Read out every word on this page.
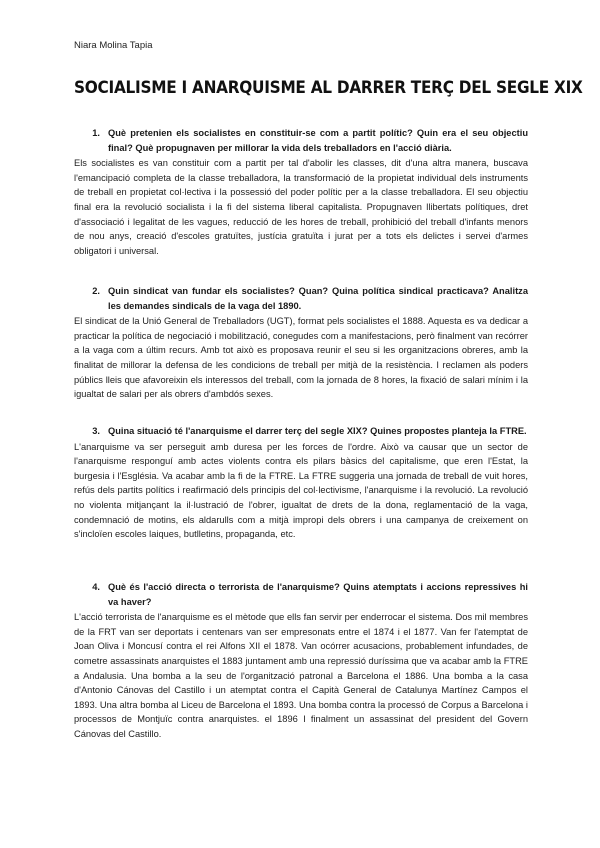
Niara Molina Tapia
SOCIALISME I ANARQUISME AL DARRER TERÇ DEL SEGLE XIX
1. Què pretenien els socialistes en constituir-se com a partit polític? Quin era el seu objectiu final? Què propugnaven per millorar la vida dels treballadors en l'acció diària.

Els socialistes es van constituir com a partit per tal d'abolir les classes, dit d'una altra manera, buscava l'emancipació completa de la classe treballadora, la transformació de la propietat individual dels instruments de treball en propietat col·lectiva i la possessió del poder polític per a la classe treballadora. El seu objectiu final era la revolució socialista i la fi del sistema liberal capitalista. Propugnaven llibertats polítiques, dret d'associació i legalitat de les vagues, reducció de les hores de treball, prohibició del treball d'infants menors de nou anys, creació d'escoles gratuïtes, justícia gratuïta i jurat per a tots els delictes i servei d'armes obligatori i universal.

2. Quin sindicat van fundar els socialistes? Quan? Quina política sindical practicava? Analitza les demandes sindicals de la vaga del 1890.

El sindicat de la Unió General de Treballadors (UGT), format pels socialistes el 1888. Aquesta es va dedicar a practicar la política de negociació i mobilització, conegudes com a manifestacions, però finalment van recórrer a la vaga com a últim recurs. Amb tot això es proposava reunir el seu si les organitzacions obreres, amb la finalitat de millorar la defensa de les condicions de treball per mitjà de la resistència. I reclamen als poders públics lleis que afavoreixin els interessos del treball, com la jornada de 8 hores, la fixació de salari mínim i la igualtat de salari per als obrers d'ambdós sexes.

3. Quina situació té l'anarquisme el darrer terç del segle XIX? Quines propostes planteja la FTRE.

L'anarquisme va ser perseguit amb duresa per les forces de l'ordre. Això va causar que un sector de l'anarquisme responguí amb actes violents contra els pilars bàsics del capitalisme, que eren l'Estat, la burgesia i l'Església. Va acabar amb la fi de la FTRE. La FTRE suggeria una jornada de treball de vuit hores, refús dels partits polítics i reafirmació dels principis del col·lectivisme, l'anarquisme i la revolució. La revolució no violenta mitjançant la il·lustració de l'obrer, igualtat de drets de la dona, reglamentació de la vaga, condemnació de motins, els aldarulls com a mitjà impropi dels obrers i una campanya de creixement on s'incloïen escoles laiques, butlletins, propaganda, etc.

4. Què és l'acció directa o terrorista de l'anarquisme? Quins atemptats i accions repressives hi va haver?

L'acció terrorista de l'anarquisme es el mètode que ells fan servir per enderrocar el sistema. Dos mil membres de la FRT van ser deportats i centenars van ser empresonats entre el 1874 i el 1877. Van fer l'atemptat de Joan Oliva i Moncusí contra el rei Alfons XII el 1878. Van ocórrer acusacions, probablement infundades, de cometre assassinats anarquistes el 1883 juntament amb una repressió duríssima que va acabar amb la FTRE a Andalusia. Una bomba a la seu de l'organització patronal a Barcelona el 1886. Una bomba a la casa d'Antonio Cánovas del Castillo i un atemptat contra el Capità General de Catalunya Martínez Campos el 1893. Una altra bomba al Liceu de Barcelona el 1893. Una bomba contra la processó de Corpus a Barcelona i processos de Montjuïc contra anarquistes. el 1896 I finalment un assassinat del president del Govern Cánovas del Castillo.
